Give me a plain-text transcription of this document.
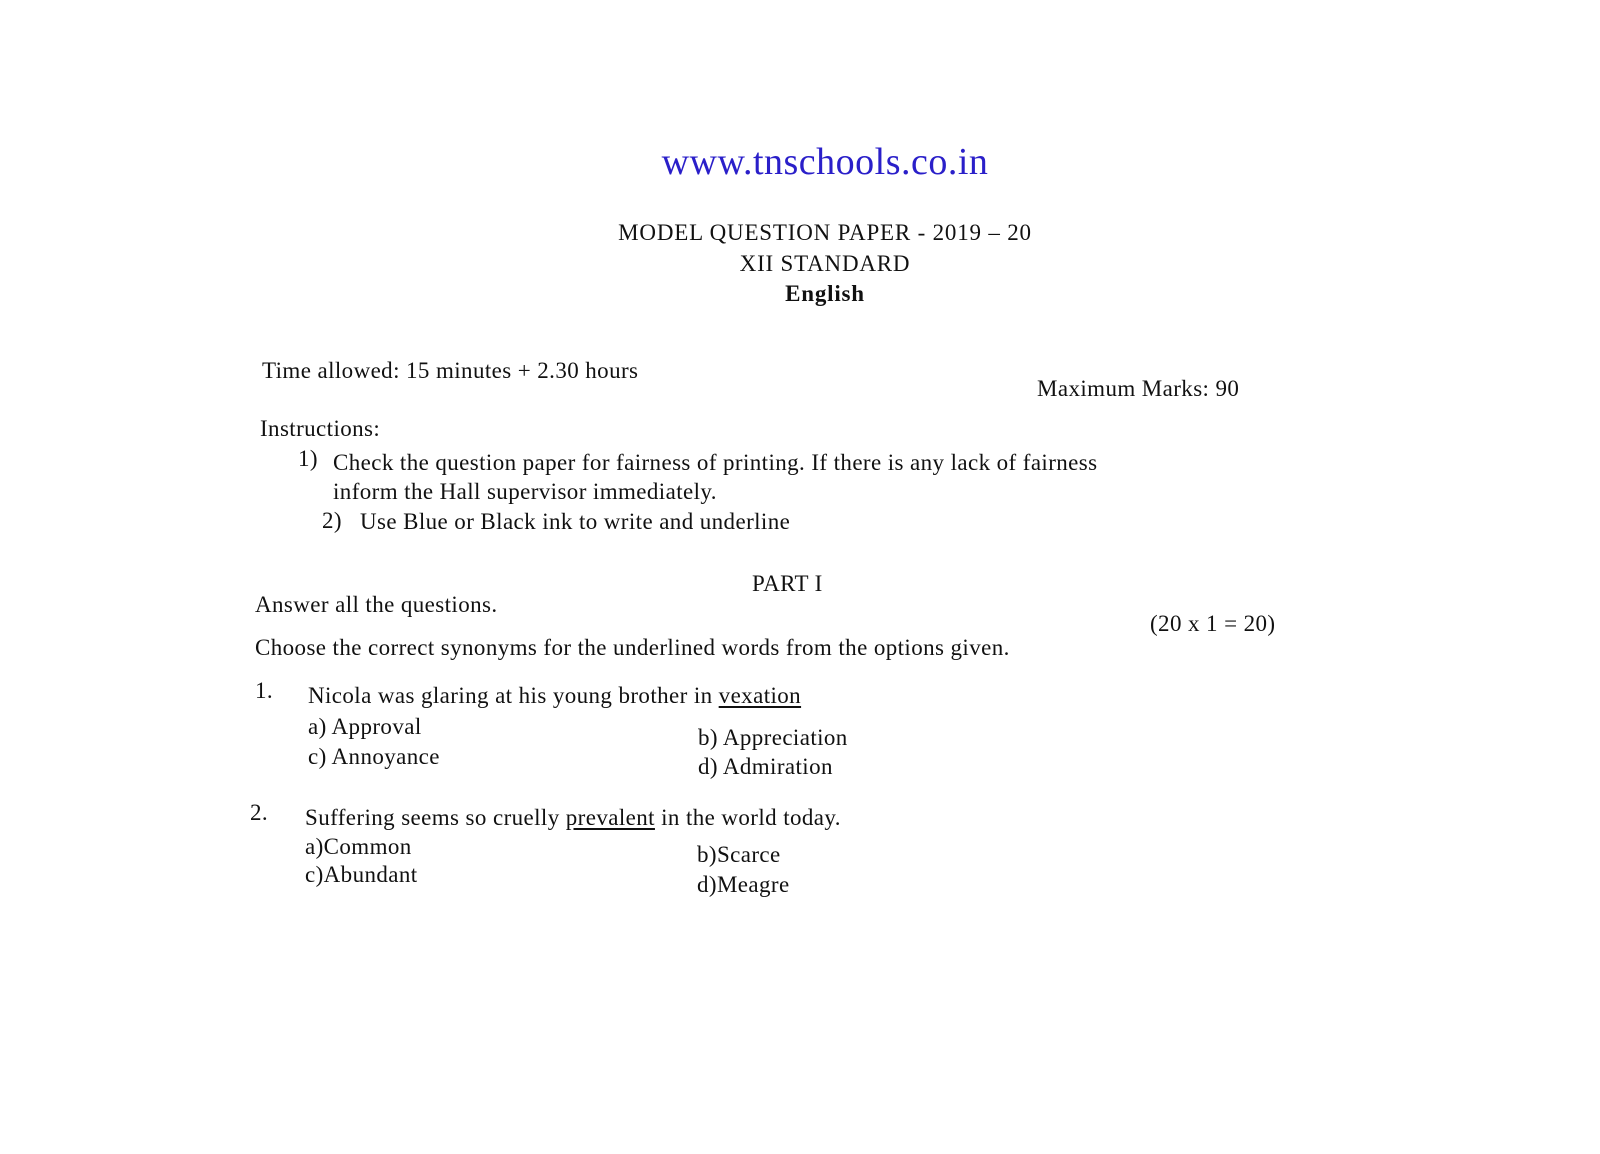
www.tnschools.co.in
MODEL QUESTION PAPER - 2019 – 20
XII STANDARD
English
Time allowed: 15 minutes + 2.30 hours
Maximum Marks: 90
Instructions:
1) Check the question paper for fairness of printing. If there is any lack of fairness
inform the Hall supervisor immediately.
2) Use Blue or Black ink to write and underline
PART I
Answer all the questions.
(20 x 1 = 20)
Choose the correct synonyms for the underlined words from the options given.
1. Nicola was glaring at his young brother in vexation
a) Approval	b) Appreciation
c) Annoyance	d) Admiration
2. Suffering seems so cruelly prevalent in the world today.
a)Common	b)Scarce
c)Abundant	d)Meagre
